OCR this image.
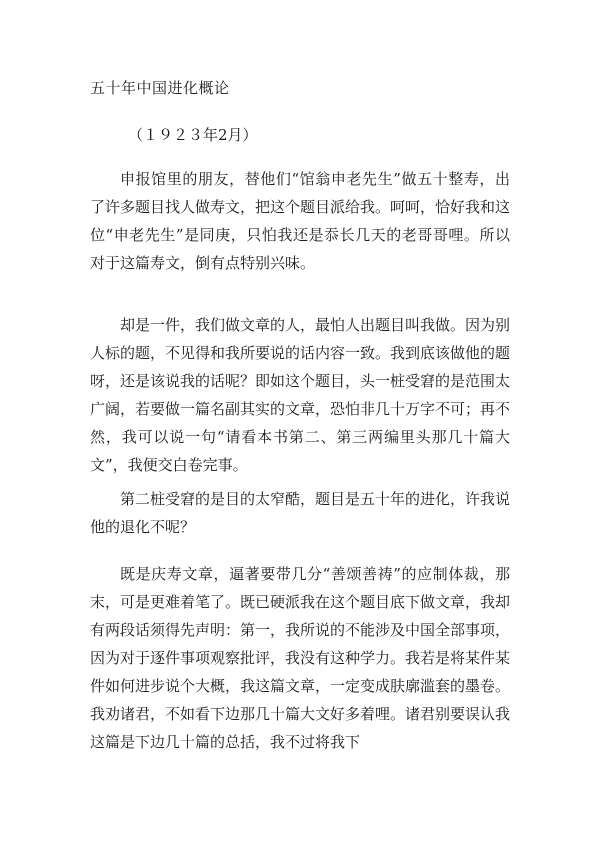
五十年中国进化概论
（１９２３年2月）

申报馆里的朋友，替他们“馆翁申老先生”做五十整寿，出了许多题目找人做寿文，把这个题目派给我。呵呵，恰好我和这位“申老先生”是同庚，只怕我还是忝长几天的老哥哥哩。所以对于这篇寿文，倒有点特别兴味。

却是一件，我们做文章的人，最怕人出题目叫我做。因为别人标的题，不见得和我所要说的话内容一致。我到底该做他的题呀，还是该说我的话呢？即如这个题目，头一桩受窘的是范围太广阔，若要做一篇名副其实的文章，恐怕非几十万字不可；再不然，我可以说一句“请看本书第二、第三两编里头那几十篇大文”，我便交白卷完事。

第二桩受窘的是目的太窄酷，题目是五十年的进化，许我说他的退化不呢？

既是庆寿文章，逼著要带几分“善颂善祷”的应制体裁，那末，可是更难着笔了。既已硬派我在这个题目底下做文章，我却有两段话须得先声明：第一，我所说的不能涉及中国全部事项，因为对于逐件事项观察批评，我没有这种学力。我若是将某件某件如何进步说个大概，我这篇文章，一定变成肤廓滥套的墨卷。我劝诸君，不如看下边那几十篇大文好多着哩。诸君别要误认我这篇是下边几十篇的总括，我不过将我下
